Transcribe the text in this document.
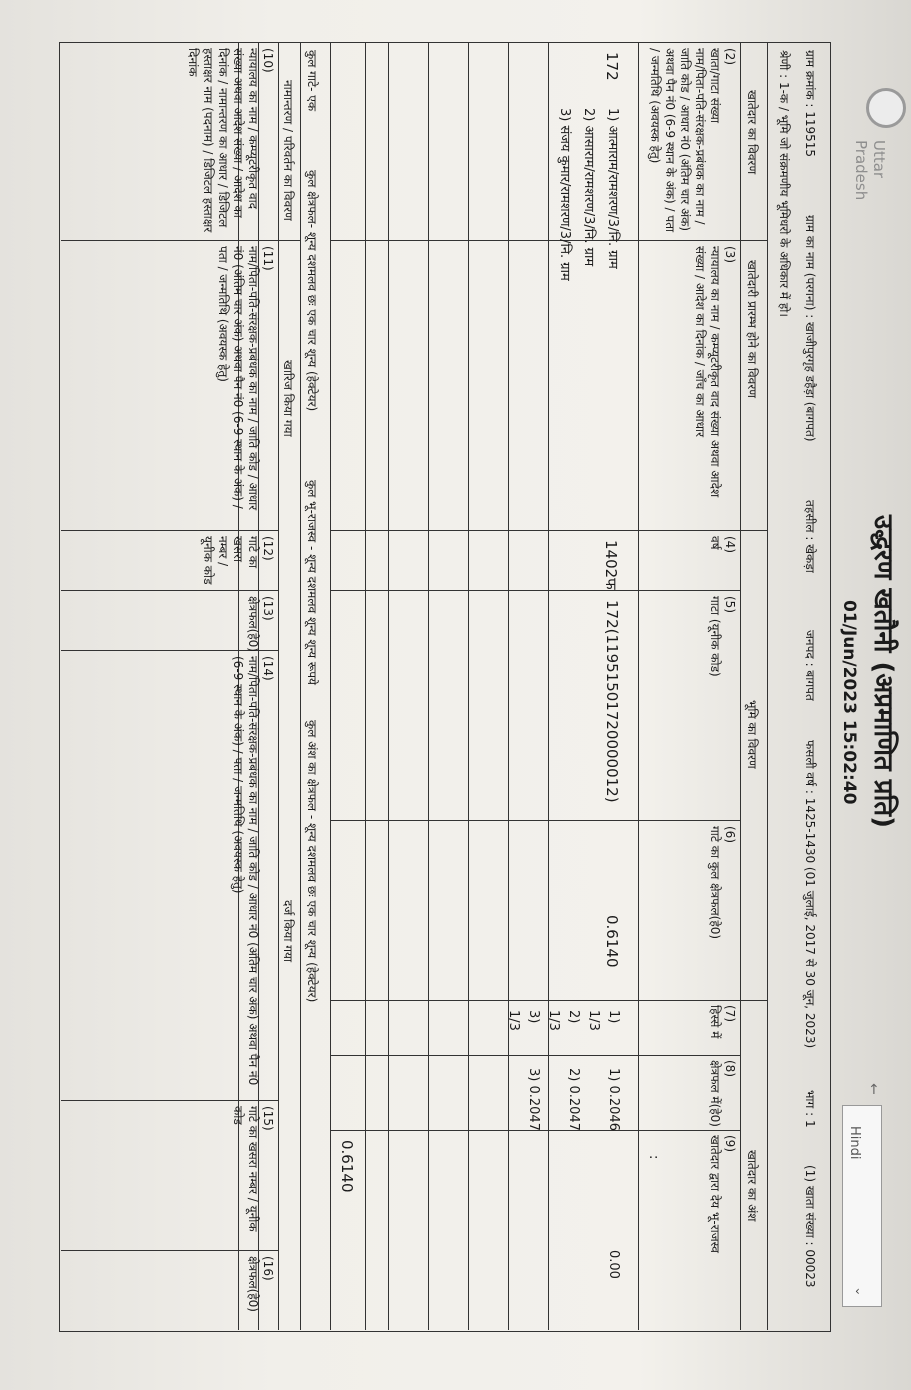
Hindi
‹
↑
Uttar Pradesh
उद्धरण खतौनी (अप्रमाणित प्रति)
01/Jun/2023 15:02:40
ग्राम क्रमांक : 119515
ग्राम का नाम (परगना) : खाजीपुरगृह डहैड़ा (बागपत)
तहसील : खेकड़ा
जनपद : बागपत
फसली वर्ष : 1425-1430 (01 जुलाई, 2017 से 30 जून, 2023)
भाग : 1
(1) खाता संख्या : 00023
श्रेणी : 1-क / भूमि जो संक्रमणीय भूमिधरो के अधिकार में हो।
खातेदार का विवरण
खातेदारी प्रारम्भ होने का विवरण
भूमि का विवरण
खातेदार का अंश
(2)
खाता/गाटा संख्या
नाम/पिता-पति-संरक्षक-प्रबंधक का नाम / जाति कोड / आधार नं0 (अंतिम चार अंक) अथवा पैन नं0 (6-9 स्थान के अंक) / पता / जन्मतिथि (अवयस्क हेतु)
(3)
न्यायालय का नाम / कम्प्यूटरीकृत वाद संख्या अथवा आदेश संख्या / आदेश का दिनांक / जाँच का आधार
(4)
वर्ष
(5)
गाटा (यूनीक कोड)
(6)
गाटे का कुल क्षेत्रफल(हे0)
(7)
हिस्से में
(8)
क्षेत्रफल में(हे0)
(9)
खातेदार द्वारा देय भू-राजस्व
172
1) आत्माराम/रामशरण/3/नि. ग्राम
2) आसाराम/रामशरण/3/नि. ग्राम
3) संजय कुमार/रामशरण/3/नि. ग्राम
1402फ
172(11951501720000012)
0.6140
1)
1/3
2)
1/3
3)
1/3
1) 0.2046
2) 0.2047
3) 0.2047
0.00
:
0.6140
कुल गाटे- एक
कुल क्षेत्रफल- शून्य दशमलव छः एक चार शून्य (हेक्टेयर)
कुल भू-राजस्व - शून्य दशमलव शून्य शून्य रूपये
कुल अंश का क्षेत्रफल - शून्य दशमलव छः एक चार शून्य (हेक्टेयर)
नामान्तरण / परिवर्तन का विवरण
खारिज किया गया
दर्ज किया गया
(10)
न्यायालय का नाम / कम्प्यूटरीकृत वाद संख्या अथवा आदेश संख्या / आदेश का दिनांक / नामान्तरण का आधार / डिजिटल हस्ताक्षर नाम (पदनाम) / डिजिटल हस्ताक्षर दिनांक
(11)
नाम/पिता-पति-संरक्षक-प्रबंधक का नाम / जाति कोड / आधार नं0 (अंतिम चार अंक) अथवा पैन नं0 (6-9 स्थान के अंक) / पता / जन्मतिथि (अवयस्क हेतु)
(12)
गाटे का खसरा नम्बर / यूनीक कोड
(13)
क्षेत्रफल(हे0)
(14)
नाम/पिता-पति-संरक्षक-प्रबंधक का नाम / जाति कोड / आधार नं0 (अंतिम चार अंक) अथवा पैन नं0 (6-9 स्थान के अंक) / पता / जन्मतिथि (अवयस्क हेतु)
(15)
गाटे का खसरा नम्बर / यूनीक कोड
(16)
क्षेत्रफल(हे0)
